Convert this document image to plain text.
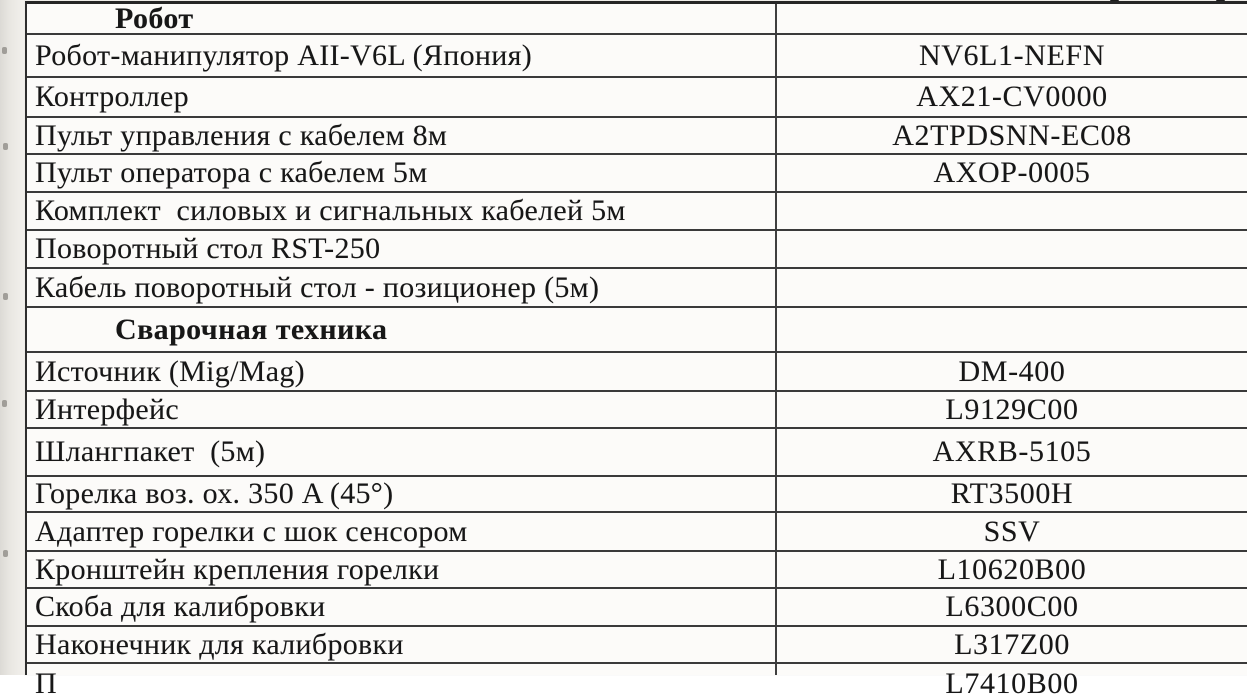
Робот
Робот-манипулятор AII-V6L (Япония)	NV6L1-NEFN
Контроллер	AX21-CV0000
Пульт управления с кабелем 8м	A2TPDSNN-EC08
Пульт оператора с кабелем 5м	AXOP-0005
Комплект  силовых и сигнальных кабелей 5м
Поворотный стол RST-250
Кабель поворотный стол - позиционер (5м)
Сварочная техника
Источник (Mig/Mag)	DM-400
Интерфейс	L9129C00
Шлангпакет  (5м)	AXRB-5105
Горелка воз. ох. 350 A (45°)	RT3500H
Адаптер горелки с шок сенсором	SSV
Кронштейн крепления горелки	L10620B00
Скоба для калибровки	L6300C00
Наконечник для калибровки	L317Z00
П	L7410B00
